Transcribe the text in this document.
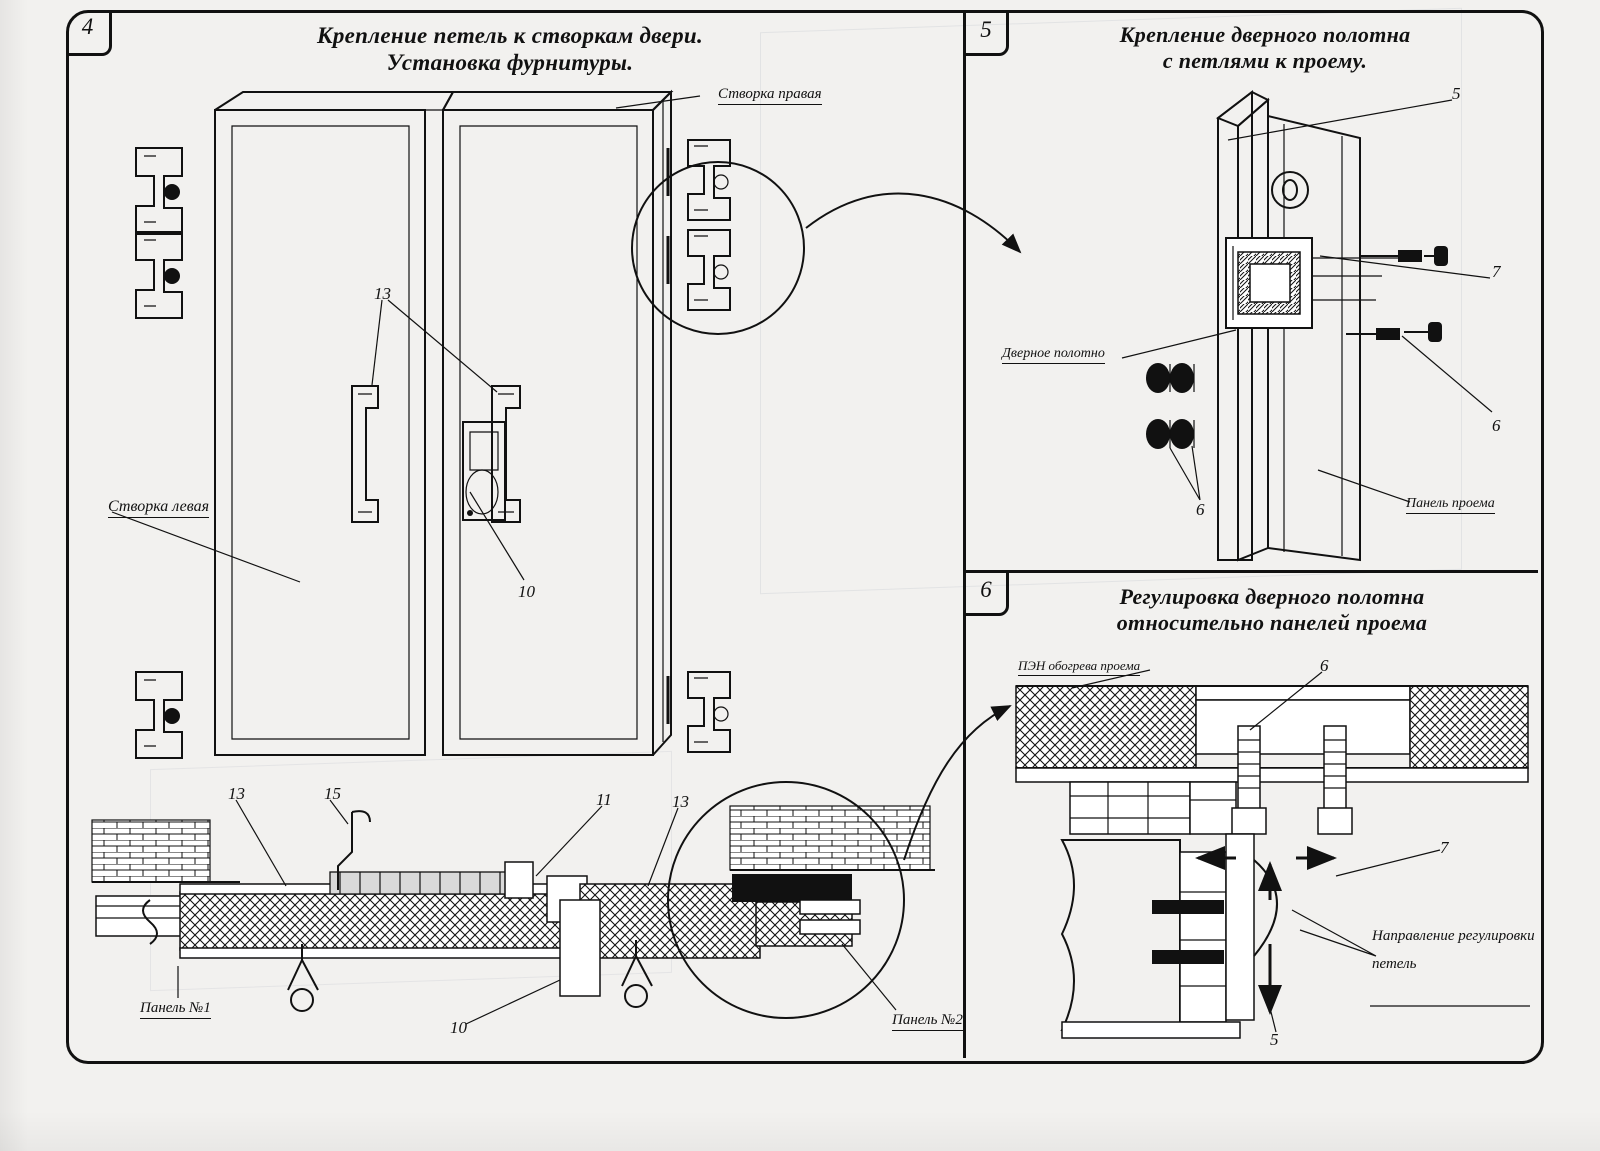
4	Крепление петель к створкам двери.
Установка фурнитуры.
Створка правая
Створка левая
Панель №1
Панель №2
13
10
13	15	11	13
10
5	Крепление дверного полотна
с петлями к проему.
Дверное полотно
Панель проема
5
7
6
6
6	Регулировка дверного полотна
относительно панелей проема
ПЭН обогрева проема
Направление регулировки
петель
6
7
5
